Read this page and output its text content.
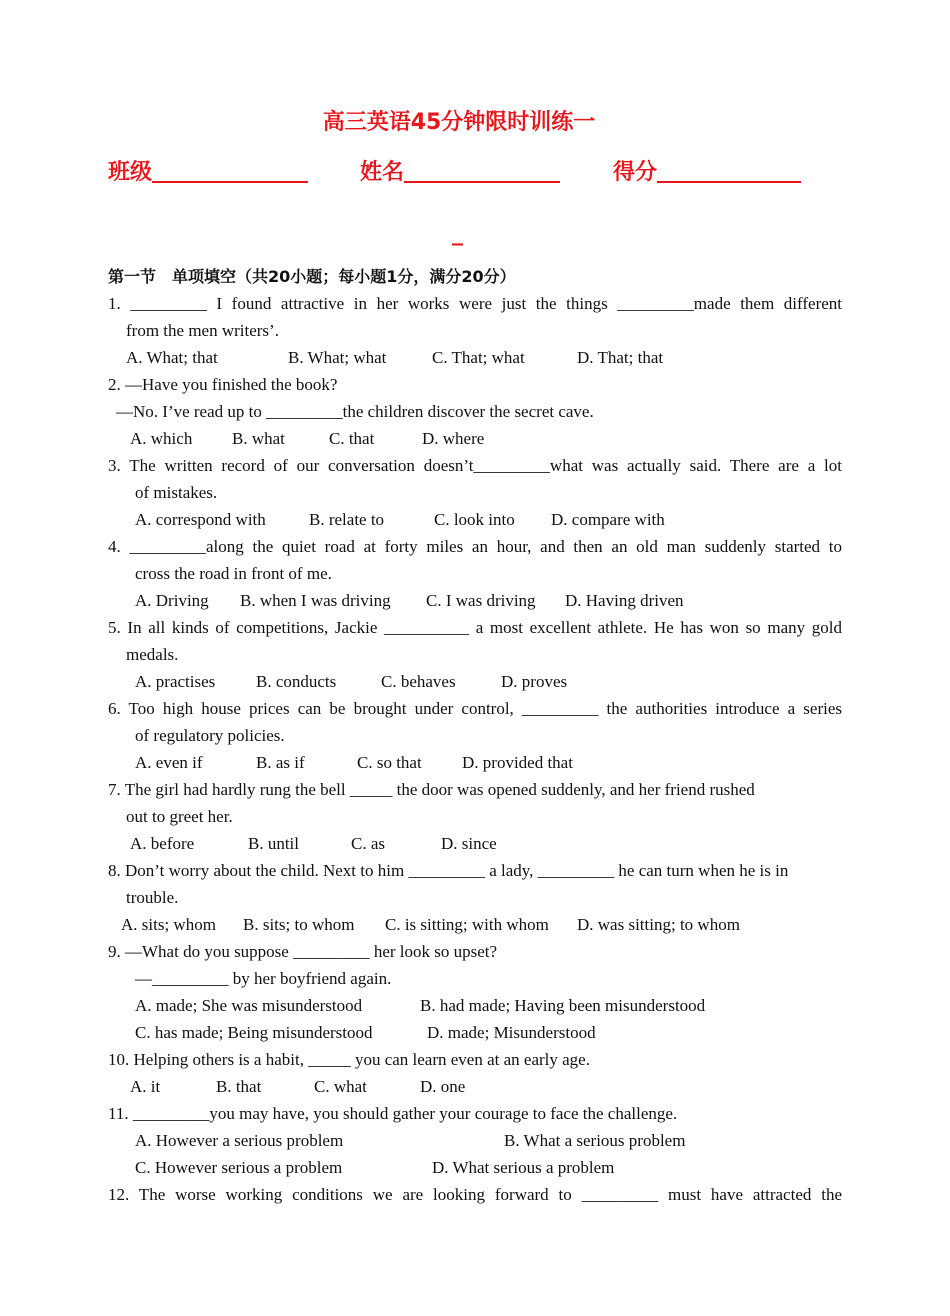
高三英语45分钟限时训练一
班级	姓名	得分
_
第一节　单项填空（共20小题；每小题1分，满分20分）
1. _________ I found attractive in her works were just the things _________made them different
from the men writers’.
A. What; that	B. What; what	C. That; what	D. That; that
2. —Have you finished the book?
—No. I’ve read up to _________the children discover the secret cave.
A. which B. what	C. that	D. where
3. The written record of our conversation doesn’t_________what was actually said. There are a lot
of mistakes.
A. correspond with	B. relate to	C. look into D. compare with
4. _________along the quiet road at forty miles an hour, and then an old man suddenly started to
cross the road in front of me.
A. Driving B. when I was driving C. I was driving D. Having driven
5. In all kinds of competitions, Jackie __________ a most excellent athlete. He has won so many gold
medals.
A. practises B. conducts	C. behaves	D. proves
6. Too high house prices can be brought under control, _________ the authorities introduce a series
of regulatory policies.
A. even if	B. as if	C. so that D. provided that
7. The girl had hardly rung the bell _____ the door was opened suddenly, and her friend rushed
out to greet her.
A. before	B. until	C. as	D. since
8. Don’t worry about the child. Next to him _________ a lady, _________ he can turn when he is in
trouble.
A. sits; whom B. sits; to whom C. is sitting; with whom D. was sitting; to whom
9. —What do you suppose _________ her look so upset?
—_________ by her boyfriend again.
A. made; She was misunderstood	B. had made; Having been misunderstood
C. has made; Being misunderstood	D. made; Misunderstood
10. Helping others is a habit, _____ you can learn even at an early age.
A. it	B. that	C. what	D. one
11. _________you may have, you should gather your courage to face the challenge.
A. However a serious problem	B. What a serious problem
C. However serious a problem	D. What serious a problem
12. The worse working conditions we are looking forward to _________ must have attracted the
